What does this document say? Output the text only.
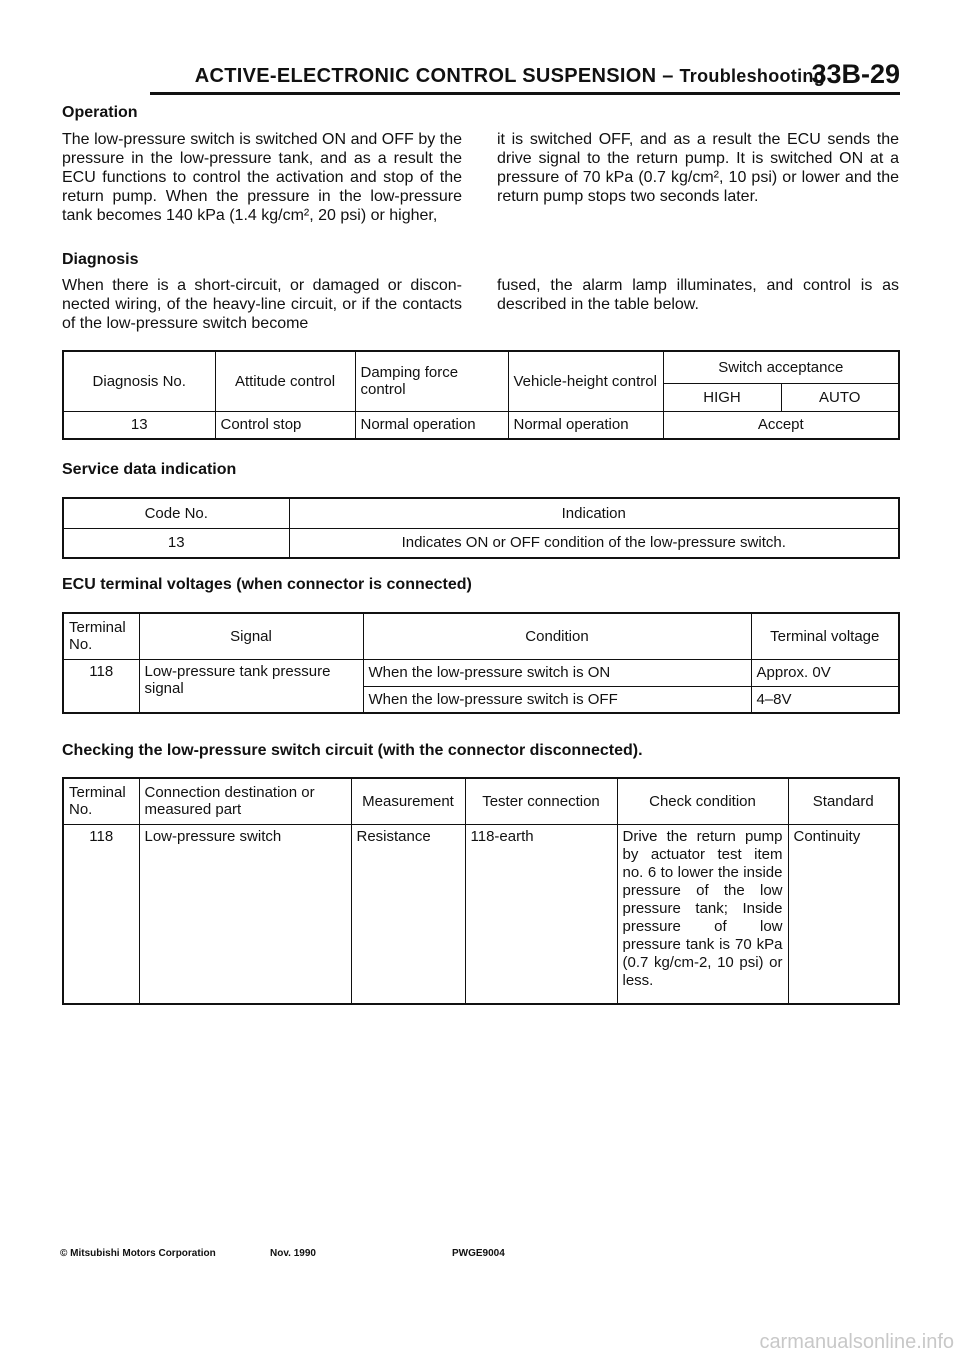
ACTIVE-ELECTRONIC CONTROL SUSPENSION – Troubleshooting
33B-29
Operation

The low-pressure switch is switched ON and OFF by the pressure in the low-pressure tank, and as a result the ECU functions to control the activation and stop of the return pump. When the pressure in the low-pressure tank becomes 140 kPa (1.4 kg/cm², 20 psi) or higher,

it is switched OFF, and as a result the ECU sends the drive signal to the return pump. It is switched ON at a pressure of 70 kPa (0.7 kg/cm², 10 psi) or lower and the return pump stops two seconds later.

Diagnosis

When there is a short-circuit, or damaged or discon-nected wiring, of the heavy-line circuit, or if the contacts of the low-pressure switch become

fused, the alarm lamp illuminates, and control is as described in the table below.

Diagnosis No.	Attitude control	Damping force control	Vehicle-height control	Switch acceptance	
				HIGH	AUTO
13	Control stop	Normal operation	Normal operation	Accept	
Service data indication
Code No.	Indication
13	Indicates ON or OFF condition of the low-pressure switch.
ECU terminal voltages (when connector is connected)
Terminal No.	Signal	Condition	Terminal voltage
118	Low-pressure tank pressure signal	When the low-pressure switch is ON	Approx. 0V
		When the low-pressure switch is OFF	4–8V
Checking the low-pressure switch circuit (with the connector disconnected).
Terminal No.	Connection destination or measured part	Measurement	Tester connection	Check condition	Standard
118	Low-pressure switch	Resistance	118-earth	Drive the return pump by actuator test item no. 6 to lower the inside pressure of the low pressure tank; Inside pressure of low pressure tank is 70 kPa (0.7 kg/cm-2, 10 psi) or less.	Continuity
© Mitsubishi Motors Corporation	Nov. 1990	PWGE9004
carmanualsonline.info
